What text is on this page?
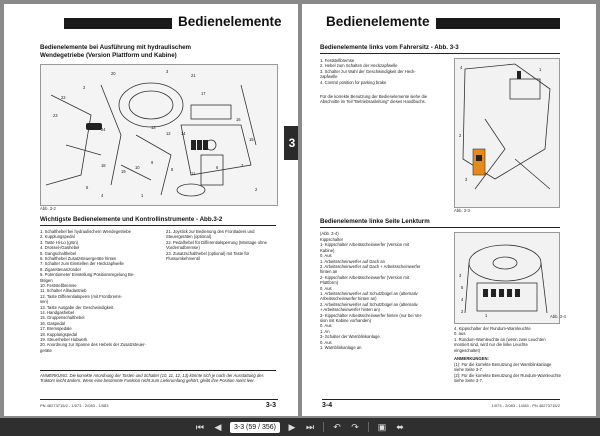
Bedienelemente
Bedienelemente bei Ausführung mit hydraulischem Wendegetriebe (Version Plattform und Kabine)
20	3
21
2
22
23
17
24	13
12	14
16
15
18
19
10
9
8
11
6	7
5
4	1
2
Abb. 3-2
Wichtigste Bedienelemente und Kontrollinstrumente - Abb.3-2
1. Schalthebel bei hydraulischem Wendegetriebe
2. Kupplungspedal
3. Taste Hi-Lo (grün)
4. Drossel-/Gashebel
5. Gangschalthebel
6. Schalthebel Zusatzsteuergeräte hinten
7. Schalter zum Einstellen der Heckzapfwelle
8. Zigarettenanzünder
9. Potentiometer Einstellung Positionsregelung Be-
tätigen
10. Feststellbremse
11. Schalter Allradantrieb
12. Taste Differentialsperre (mit Frontbrems-
sen)
13. Taste Ausgabe der Geschwindigkeit
14. Handgashebel
15. Gruppenschalthebel
16. Gaspedal
17. Bremspedale
18. Kupplungspedal
19. Steuerhebel Hubwerk
20. Anordnung zur Spanne des Hebels der Zusatzsteuer-
geräte
21. Joystick zur Bedienung des Frontladers und
Steuergeräten (optional)
22. Pedalhebel für Differentialsperrung (Montage ohne
Vorderradbremse)
23. Zusatzschalthebel (optional) mit Taste für
Flussumkehrventil
ANMERKUNG: Die korrekte Anordnung der Tasten und Schalter (10, 11, 12, 13) könnte sich je nach der Ausstattung des Traktors leicht ändern. Wenn eine bestimmte Funktion nicht zum Lieferumfang gehört, gleibt ihre Position meist leer.
3
PN 46273715/2 - 1/073 - 2/083 - 1/083	3-3
Bedienelemente
Bedienelemente links vom Fahrersitz - Abb. 3-3
1. Feststellbremse
2. Hebel zum Schalten der Heckzapfwelle
3. Schalter zur Wahl der Geschwindigkeit der Heck-
zapfwelle
4. Control position for parking brake
Für die korrekte Benutzung der Bedienelemente siehe die Abschnitte im Teil "Betriebsanleitung" dieses Handbuchs.
4	1
2
3
Abb. 3-3
Bedienelemente linke Seite Lenkturm
(Abb. 3-4)
Kippschalter
1- Kippschalter Arbeitsscheinwerfer (Version mit
Kabine)
0. Aus
1. Arbeitsscheinwerfer auf Dach an
2. Arbeitsscheinwerfer auf Dach + Arbeitsscheinwerfer
hinten an
2- Kippschalter Arbeitsscheinwerfer (Version mit
Plattform)
0. Aus
1. Arbeitsscheinwerfer auf Schutzbügel an (alternativ
Arbeitsscheinwerfer hinten an)
2. Arbeitsscheinwerfer auf Schutzbügel an (alternativ
+ Arbeitsscheinwerfer hinten an)
3- Kippschalter Arbeitsscheinwerfer hinten (nur bei Ver-
sion mit Kabine vorhanden)
0. Aus
1. An
3- Schalter der Warnblinkanlage
0. Aus
1. Warnblinkanlage an
3
5
4
2
1	Abb. 3-4
4. Kippschalter der Rundum-Warnleuchte
0. aus
1. Rundum-Warnleuchte an (wenn zwei Leuchten
montiert sind, wird nur die linke Leuchte
eingeschaltet)
ANMERKUNGEN:
(1): Für die korrekte Benutzung der Warnblinkanlage
siehe Seite 3-7.
(2): Für die korrekte Benutzung der Rundum-Warnleuchte
siehe Seite 3-7.
3-4	1/073 - 2/083 - 1/083 - PN 46273715/2
⏮	◀	3-3 (59 / 356)	▶	⏭	↶	↷	▣	⬌
